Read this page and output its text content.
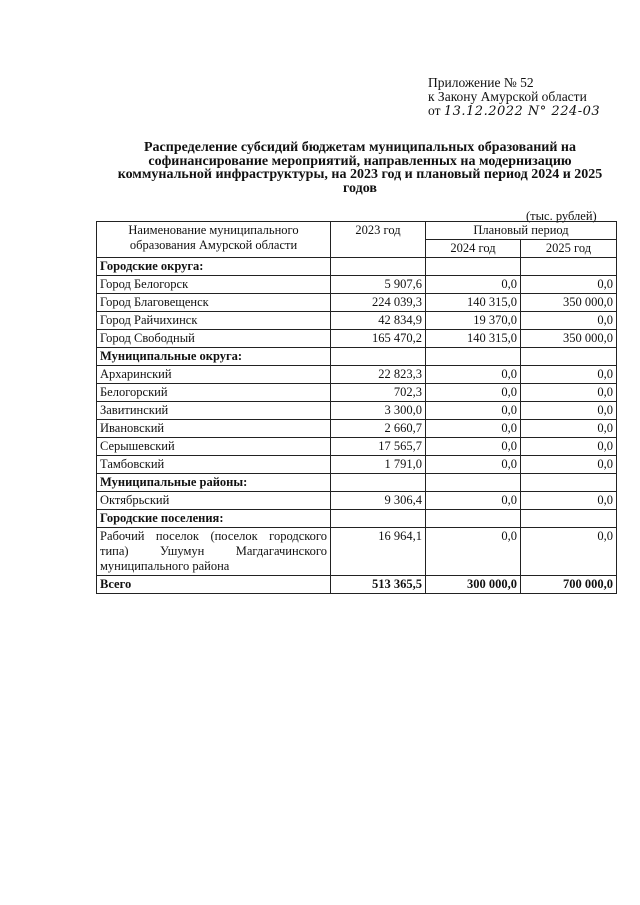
Приложение № 52
к Закону Амурской области
от 13.12.2022 N° 224-03
Распределение субсидий бюджетам муниципальных образований на софинансирование мероприятий, направленных на модернизацию коммунальной инфраструктуры, на 2023 год и плановый период 2024 и 2025 годов
(тыс. рублей)
Наименование муниципального образования Амурской области	2023 год	Плановый период	
		2024 год	2025 год
Городские округа:			
Город Белогорск	5 907,6	0,0	0,0
Город Благовещенск	224 039,3	140 315,0	350 000,0
Город Райчихинск	42 834,9	19 370,0	0,0
Город Свободный	165 470,2	140 315,0	350 000,0
Муниципальные округа:			
Архаринский	22 823,3	0,0	0,0
Белогорский	702,3	0,0	0,0
Завитинский	3 300,0	0,0	0,0
Ивановский	2 660,7	0,0	0,0
Серышевский	17 565,7	0,0	0,0
Тамбовский	1 791,0	0,0	0,0
Муниципальные районы:			
Октябрьский	9 306,4	0,0	0,0
Городские поселения:			
Рабочий поселок (поселок городского типа) Ушумун Магдагачинского муниципального района	16 964,1	0,0	0,0
Всего	513 365,5	300 000,0	700 000,0
